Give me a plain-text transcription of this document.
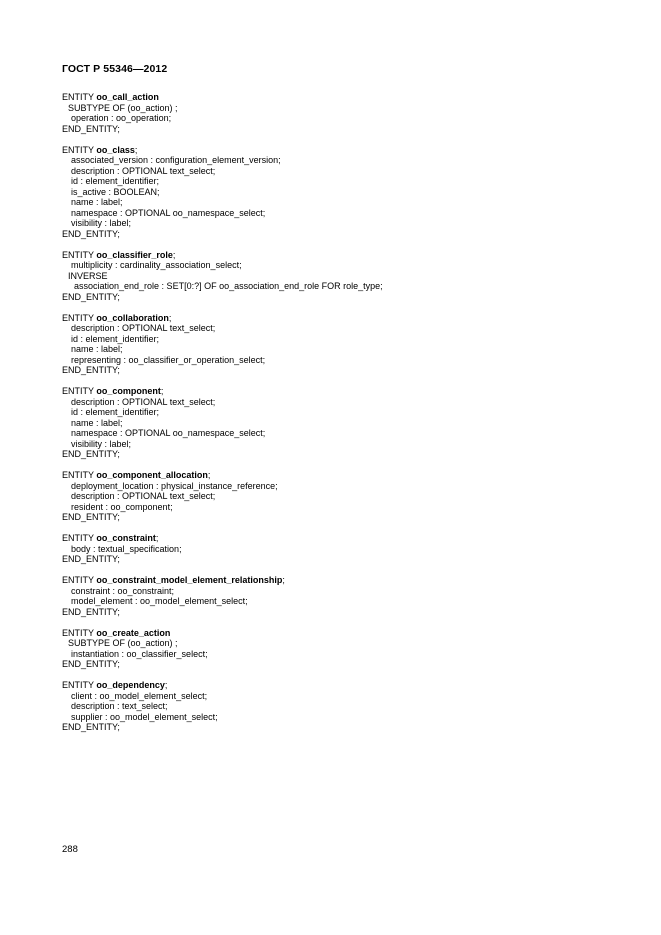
ГОСТ Р 55346—2012
ENTITY oo_call_action
SUBTYPE OF (oo_action) ;
operation : oo_operation;
END_ENTITY;
ENTITY oo_class;
associated_version : configuration_element_version;
description : OPTIONAL text_select;
id : element_identifier;
is_active : BOOLEAN;
name : label;
namespace : OPTIONAL oo_namespace_select;
visibility : label;
END_ENTITY;
ENTITY oo_classifier_role;
multiplicity : cardinality_association_select;
INVERSE
association_end_role : SET[0:?] OF oo_association_end_role FOR role_type;
END_ENTITY;
ENTITY oo_collaboration;
description : OPTIONAL text_select;
id : element_identifier;
name : label;
representing : oo_classifier_or_operation_select;
END_ENTITY;
ENTITY oo_component;
description : OPTIONAL text_select;
id : element_identifier;
name : label;
namespace : OPTIONAL oo_namespace_select;
visibility : label;
END_ENTITY;
ENTITY oo_component_allocation;
deployment_location : physical_instance_reference;
description : OPTIONAL text_select;
resident : oo_component;
END_ENTITY;
ENTITY oo_constraint;
body : textual_specification;
END_ENTITY;
ENTITY oo_constraint_model_element_relationship;
constraint : oo_constraint;
model_element : oo_model_element_select;
END_ENTITY;
ENTITY oo_create_action
SUBTYPE OF (oo_action) ;
instantiation : oo_classifier_select;
END_ENTITY;
ENTITY oo_dependency;
client : oo_model_element_select;
description : text_select;
supplier : oo_model_element_select;
END_ENTITY;
288
